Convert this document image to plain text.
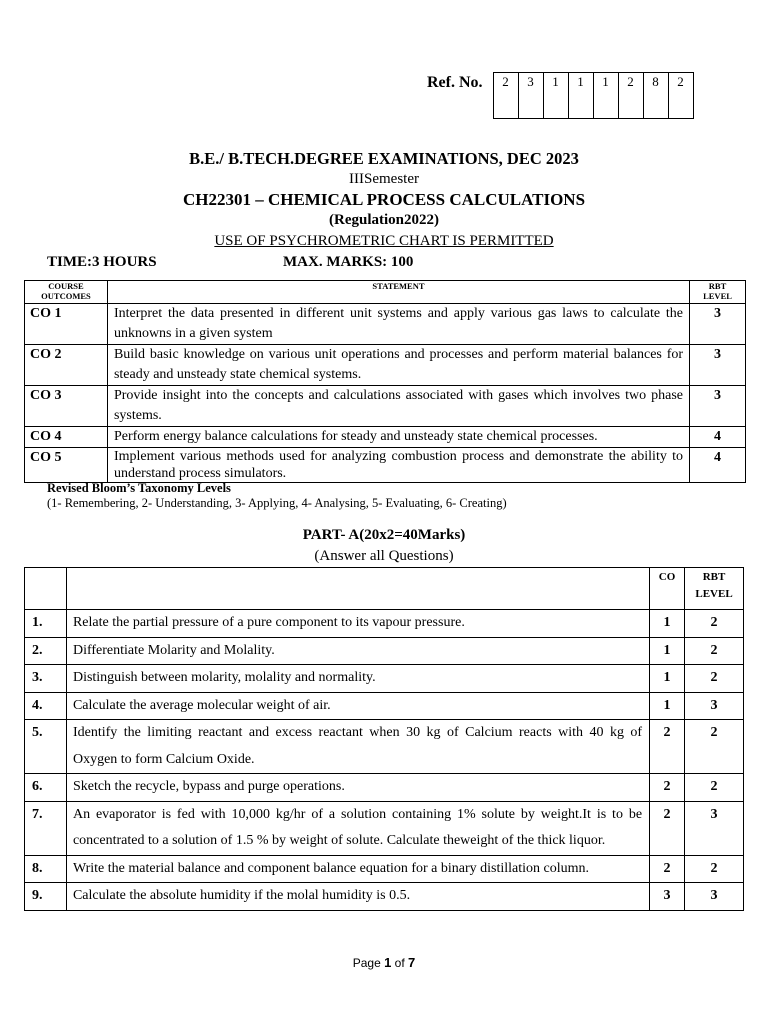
Ref. No.	2	3	1	1	1	2	8	2
B.E./ B.TECH.DEGREE EXAMINATIONS, DEC 2023
IIISemester
CH22301 – CHEMICAL PROCESS CALCULATIONS
(Regulation2022)
USE OF PSYCHROMETRIC CHART IS PERMITTED
TIME:3 HOURS	MAX. MARKS: 100
COURSE
OUTCOMES	STATEMENT	RBT
LEVEL
CO 1	Interpret the data presented in different unit systems and apply various gas laws to calculate the unknowns in a given system	3
CO 2	Build basic knowledge on various unit operations and processes and perform material balances for steady and unsteady state chemical systems.	3
CO 3	Provide insight into the concepts and calculations associated with gases which involves two phase systems.	3
CO 4	Perform energy balance calculations for steady and unsteady state chemical processes.	4
CO 5	Implement various methods used for analyzing combustion process and demonstrate the ability to understand process simulators.	4
Revised Bloom’s Taxonomy Levels
(1- Remembering, 2- Understanding, 3- Applying, 4- Analysing, 5- Evaluating, 6- Creating)
PART- A(20x2=40Marks)
(Answer all Questions)
		CO	RBT
LEVEL
1.	Relate the partial pressure of a pure component to its vapour pressure.	1	2
2.	Differentiate Molarity and Molality.	1	2
3.	Distinguish between molarity, molality and normality.	1	2
4.	Calculate the average molecular weight of air.	1	3
5.	Identify the limiting reactant and excess reactant when 30 kg of Calcium reacts with 40 kg of Oxygen to form Calcium Oxide.	2	2
6.	Sketch the recycle, bypass and purge operations.	2	2
7.	An evaporator is fed with 10,000 kg/hr of a solution containing 1% solute by weight.It is to be concentrated to a solution of 1.5 % by weight of solute. Calculate theweight of the thick liquor.	2	3
8.	Write the material balance and component balance equation for a binary distillation column.	2	2
9.	Calculate the absolute humidity if the molal humidity is 0.5.	3	3
Page 1 of 7
